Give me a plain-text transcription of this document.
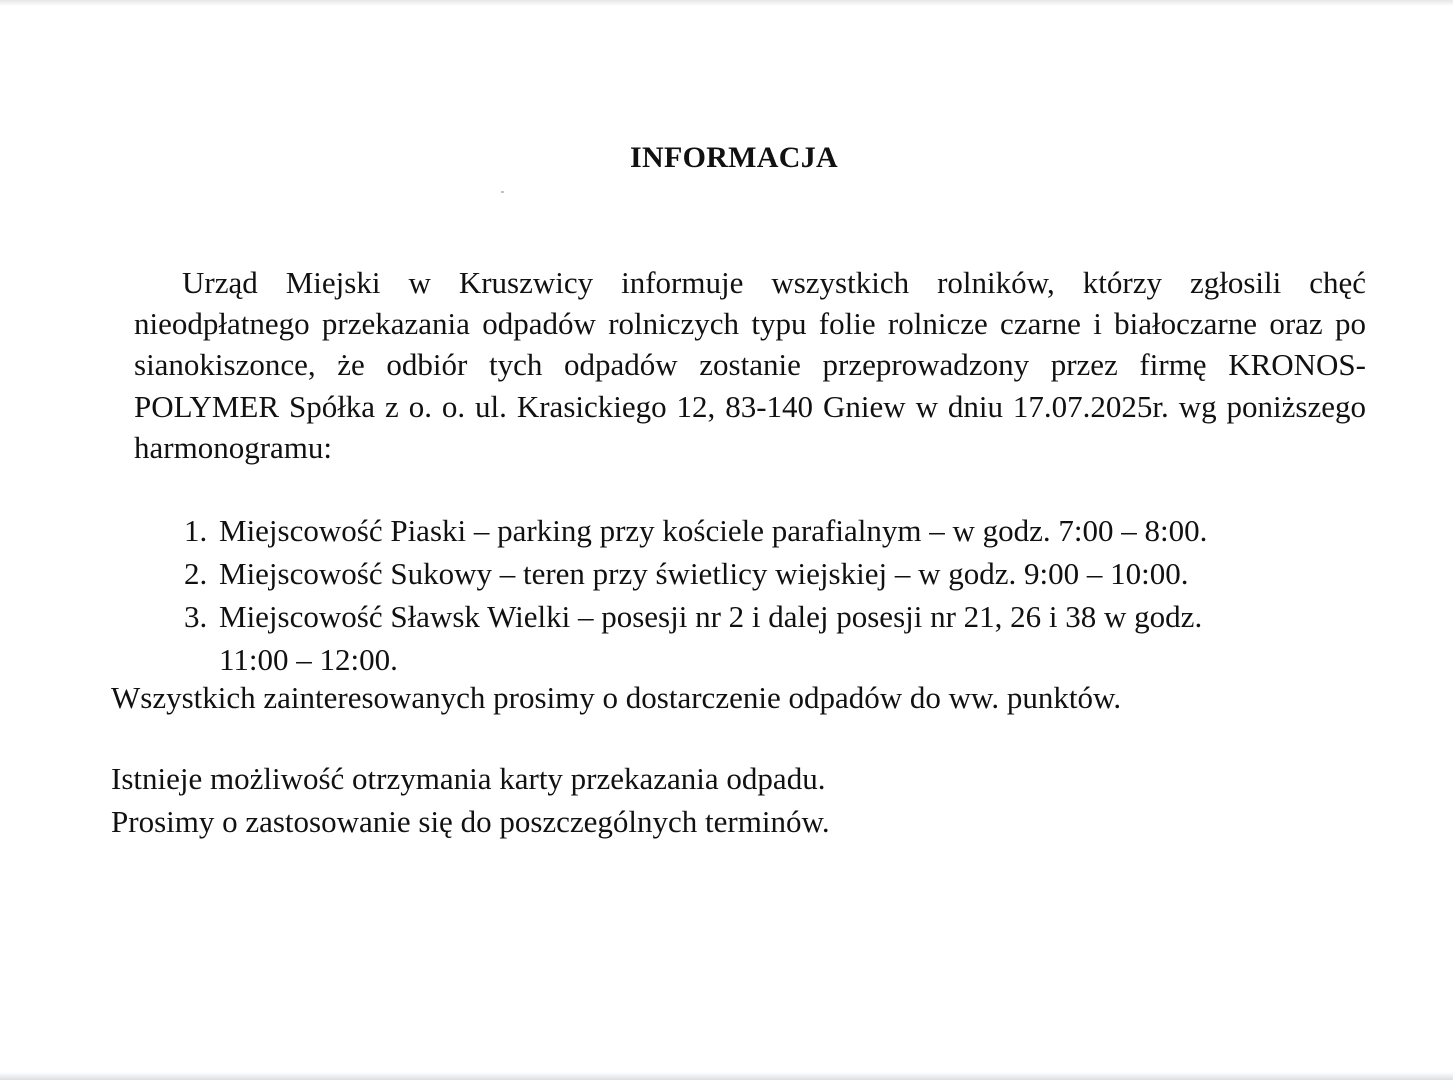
INFORMACJA

Urząd Miejski w Kruszwicy informuje wszystkich rolników, którzy zgłosili chęć nieodpłatnego przekazania odpadów rolniczych typu folie rolnicze czarne i białoczarne oraz po sianokiszonce, że odbiór tych odpadów zostanie przeprowadzony przez firmę KRONOS-POLYMER Spółka z o. o. ul. Krasickiego 12, 83-140 Gniew w dniu 17.07.2025r. wg poniższego harmonogramu:

1. Miejscowość Piaski – parking przy kościele parafialnym – w godz. 7:00 – 8:00.
2. Miejscowość Sukowy – teren przy świetlicy wiejskiej – w godz. 9:00 – 10:00.
3. Miejscowość Sławsk Wielki – posesji nr 2 i dalej posesji nr 21, 26 i 38 w godz.
11:00 – 12:00.

Wszystkich zainteresowanych prosimy o dostarczenie odpadów do ww. punktów.

Istnieje możliwość otrzymania karty przekazania odpadu.
Prosimy o zastosowanie się do poszczególnych terminów.
